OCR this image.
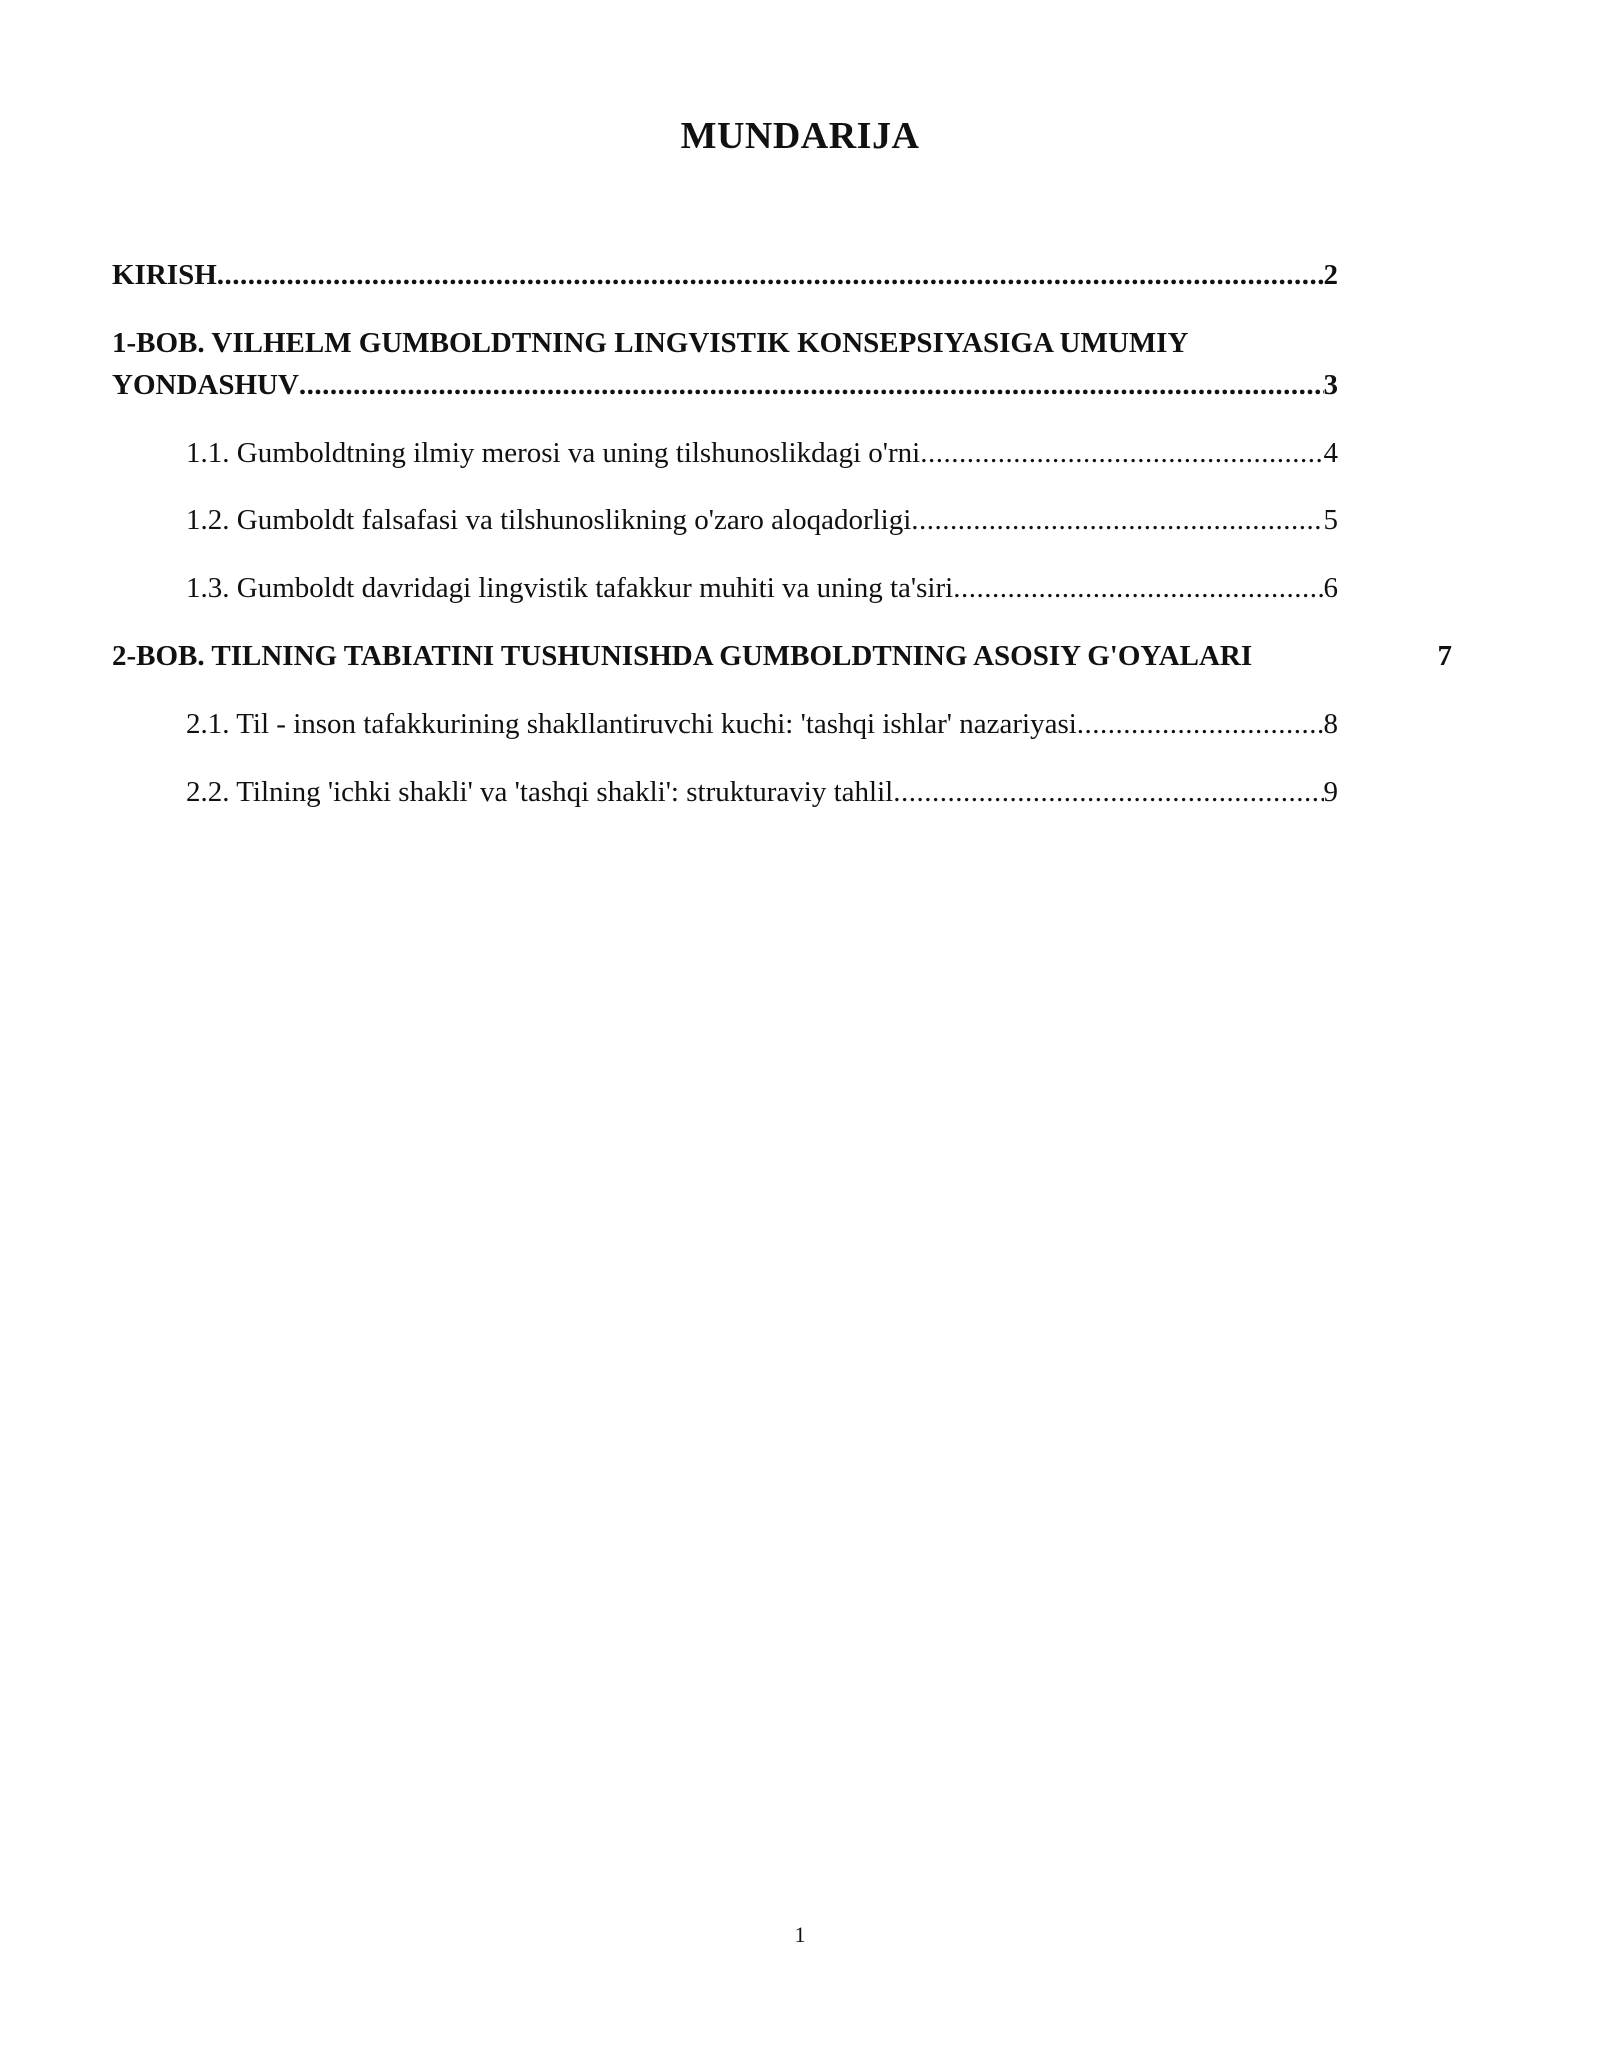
MUNDARIJA
KIRISH .....	2
1-BOB. VILHELM GUMBOLDTNING LINGVISTIK KONSEPSIYASIGA UMUMIY
YONDASHUV .....	3
1.1. Gumboldtning ilmiy merosi va uning tilshunoslikdagi o'rni .....	4
1.2. Gumboldt falsafasi va tilshunoslikning o'zaro aloqadorligi .....	5
1.3. Gumboldt davridagi lingvistik tafakkur muhiti va uning ta'siri .....	6
2-BOB. TILNING TABIATINI TUSHUNISHDA GUMBOLDTNING ASOSIY G'OYALARI	7
2.1. Til - inson tafakkurining shakllantiruvchi kuchi: 'tashqi ishlar' nazariyasi .....	8
2.2. Tilning 'ichki shakli' va 'tashqi shakli': strukturaviy tahlil .....	9
1
